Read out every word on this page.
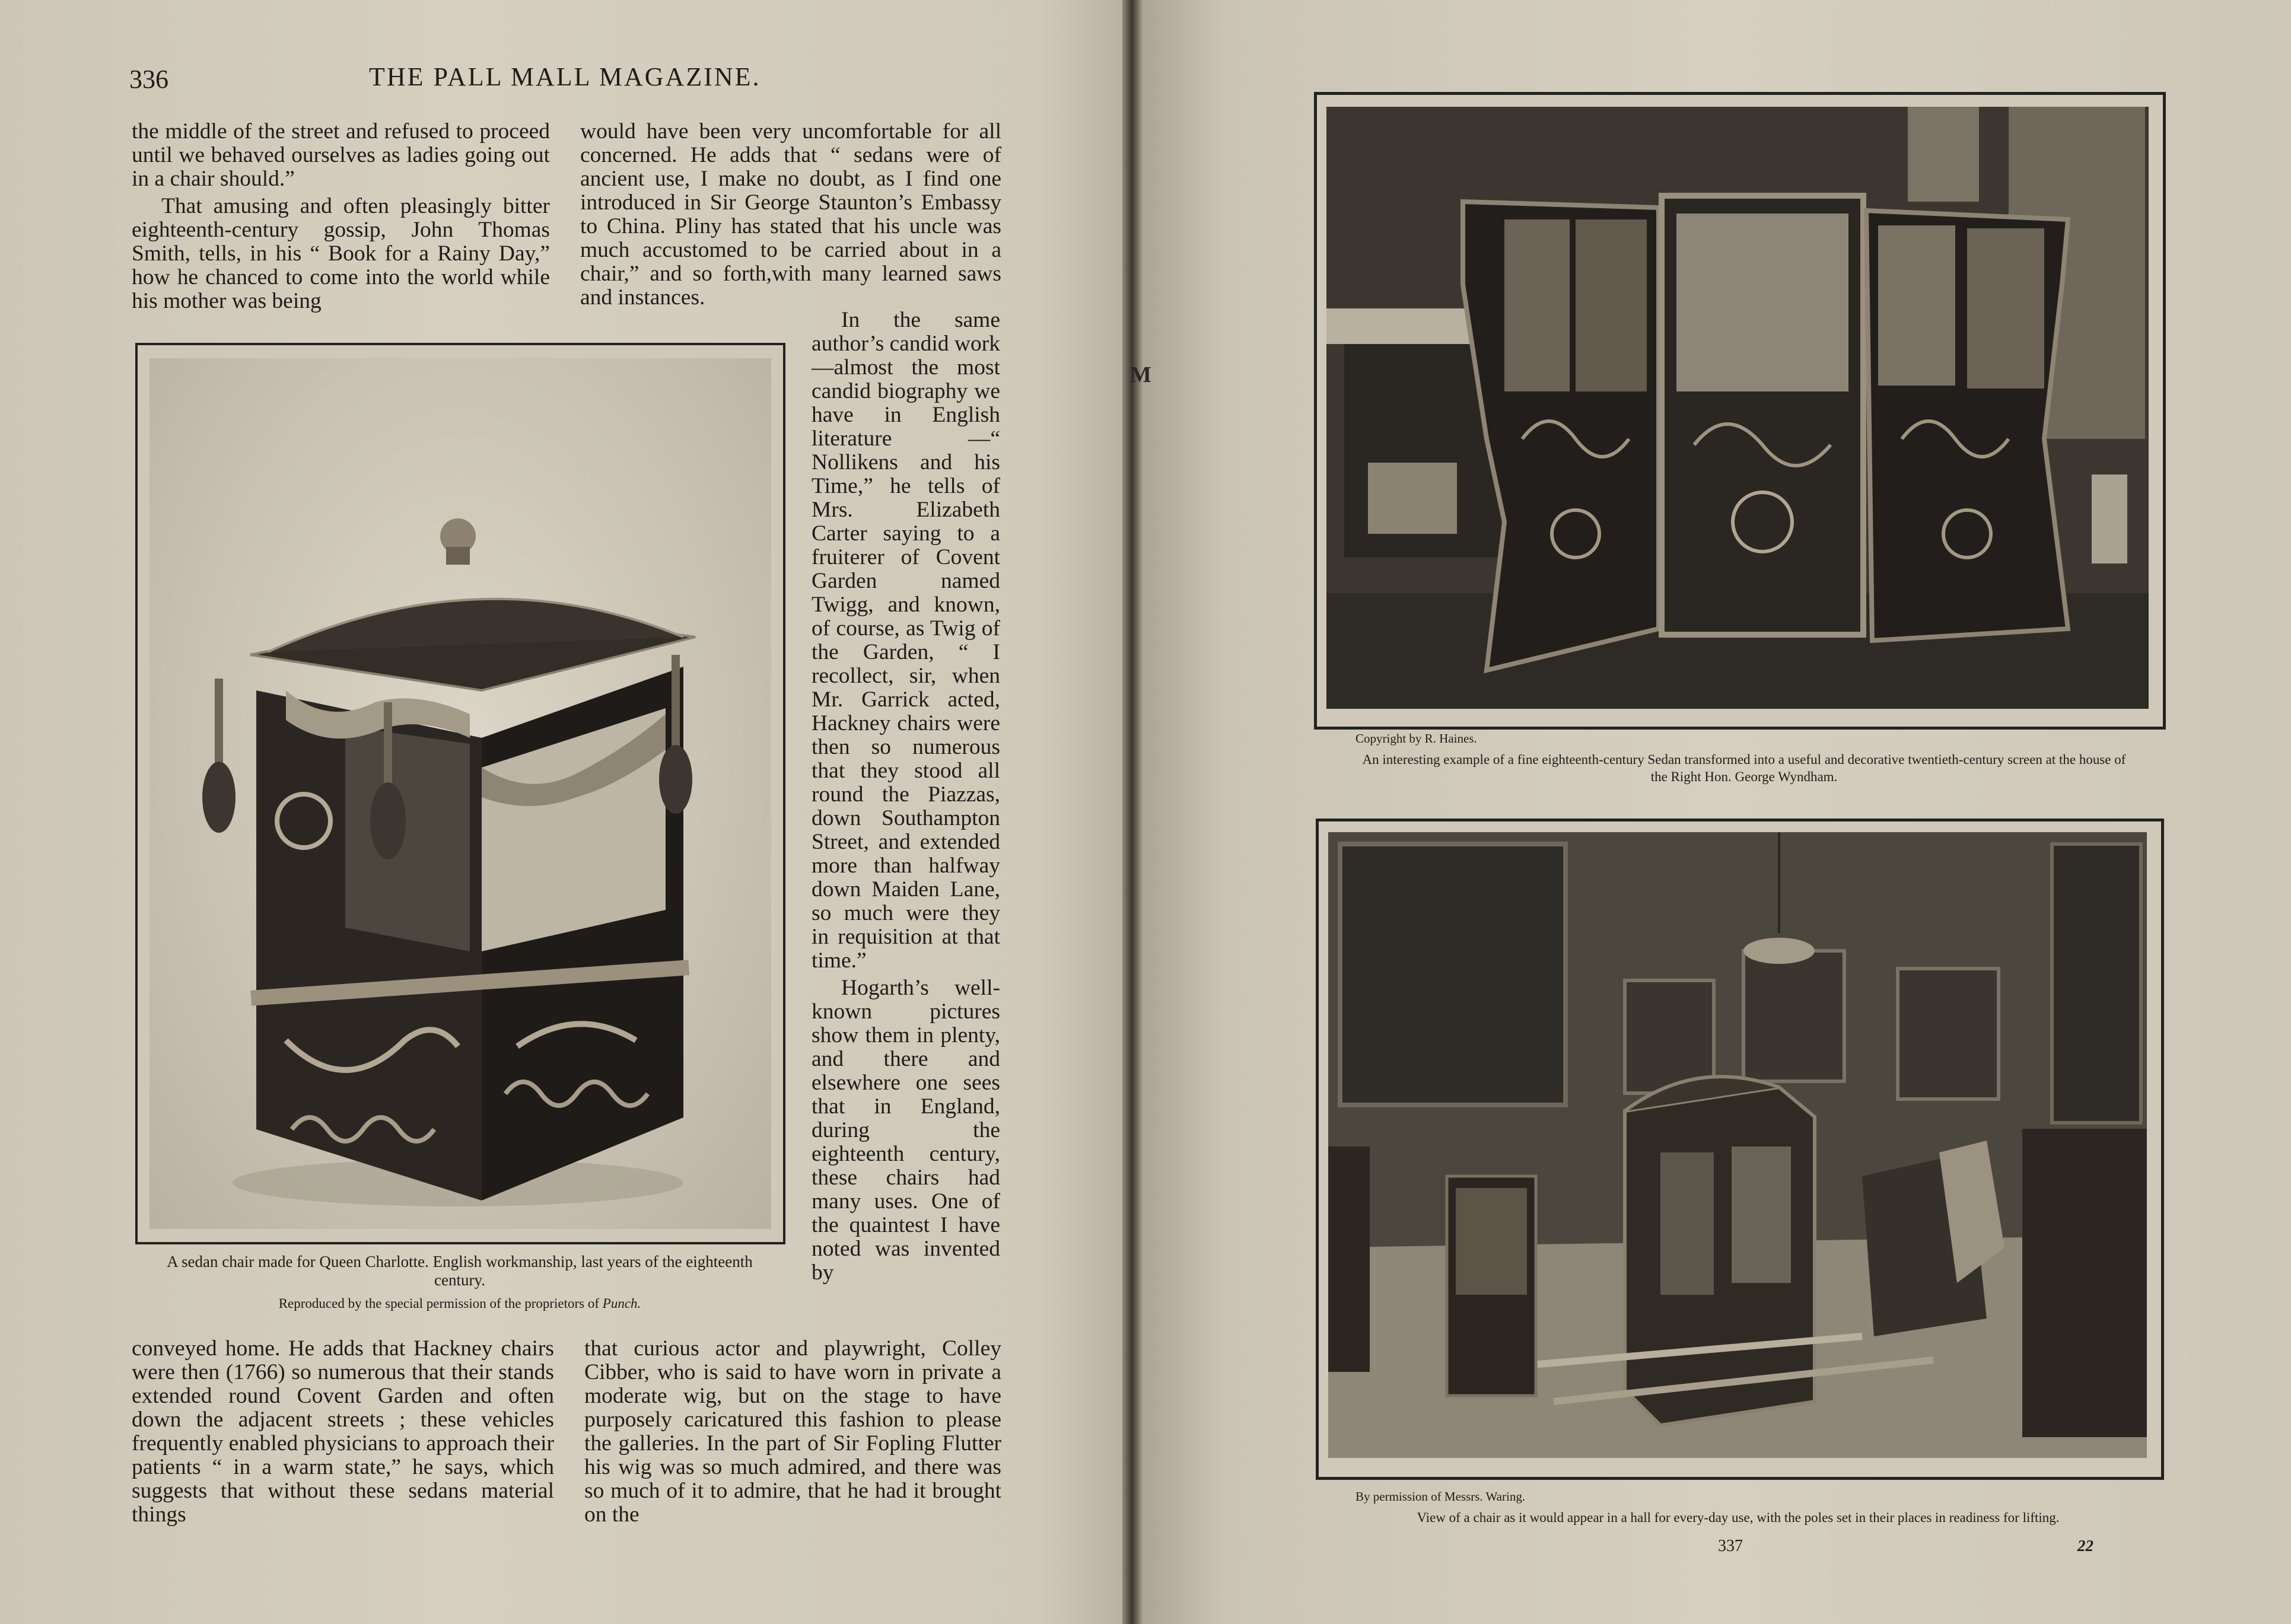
M
336	THE PALL MALL MAGAZINE.

the middle of the street and refused to proceed until we behaved ourselves as ladies going out in a chair should.”

That amusing and often pleasingly bitter eighteenth-century gossip, John Thomas Smith, tells, in his “ Book for a Rainy Day,” how he chanced to come into the world while his mother was being

would have been very uncomfortable for all concerned. He adds that “ sedans were of ancient use, I make no doubt, as I find one introduced in Sir George Staunton’s Embassy to China. Pliny has stated that his uncle was much accustomed to be carried about in a chair,” and so forth,with many learned saws and instances.

In the same author’s candid work—almost the most candid biography we have in English literature —“ Nollikens and his Time,” he tells of Mrs. Elizabeth Carter saying to a fruiterer of Covent Garden named Twigg, and known, of course, as Twig of the Garden, “ I recollect, sir, when Mr. Garrick acted, Hackney chairs were then so numerous that they stood all round the Piazzas, down Southampton Street, and extended more than halfway down Maiden Lane, so much were they in requisition at that time.”

Hogarth’s well-known pictures show them in plenty, and there and elsewhere one sees that in England, during the eighteenth century, these chairs had many uses. One of the quaintest I have noted was invented by

conveyed home. He adds that Hackney chairs were then (1766) so numerous that their stands extended round Covent Garden and often down the adjacent streets ; these vehicles frequently enabled physicians to approach their patients “ in a warm state,” he says, which suggests that without these sedans material things

that curious actor and playwright, Colley Cibber, who is said to have worn in private a moderate wig, but on the stage to have purposely caricatured this fashion to please the galleries. In the part of Sir Fopling Flutter his wig was so much admired, and there was so much of it to admire, that he had it brought on the

A sedan chair made for Queen Charlotte. English workmanship, last years of the eighteenth century.
Reproduced by the special permission of the proprietors of Punch.
Copyright by R. Haines.
An interesting example of a fine eighteenth-century Sedan transformed into a useful and decorative twentieth-century screen at the house of the Right Hon. George Wyndham.
By permission of Messrs. Waring.
View of a chair as it would appear in a hall for every-day use, with the poles set in their places in readiness for lifting.
337	22
